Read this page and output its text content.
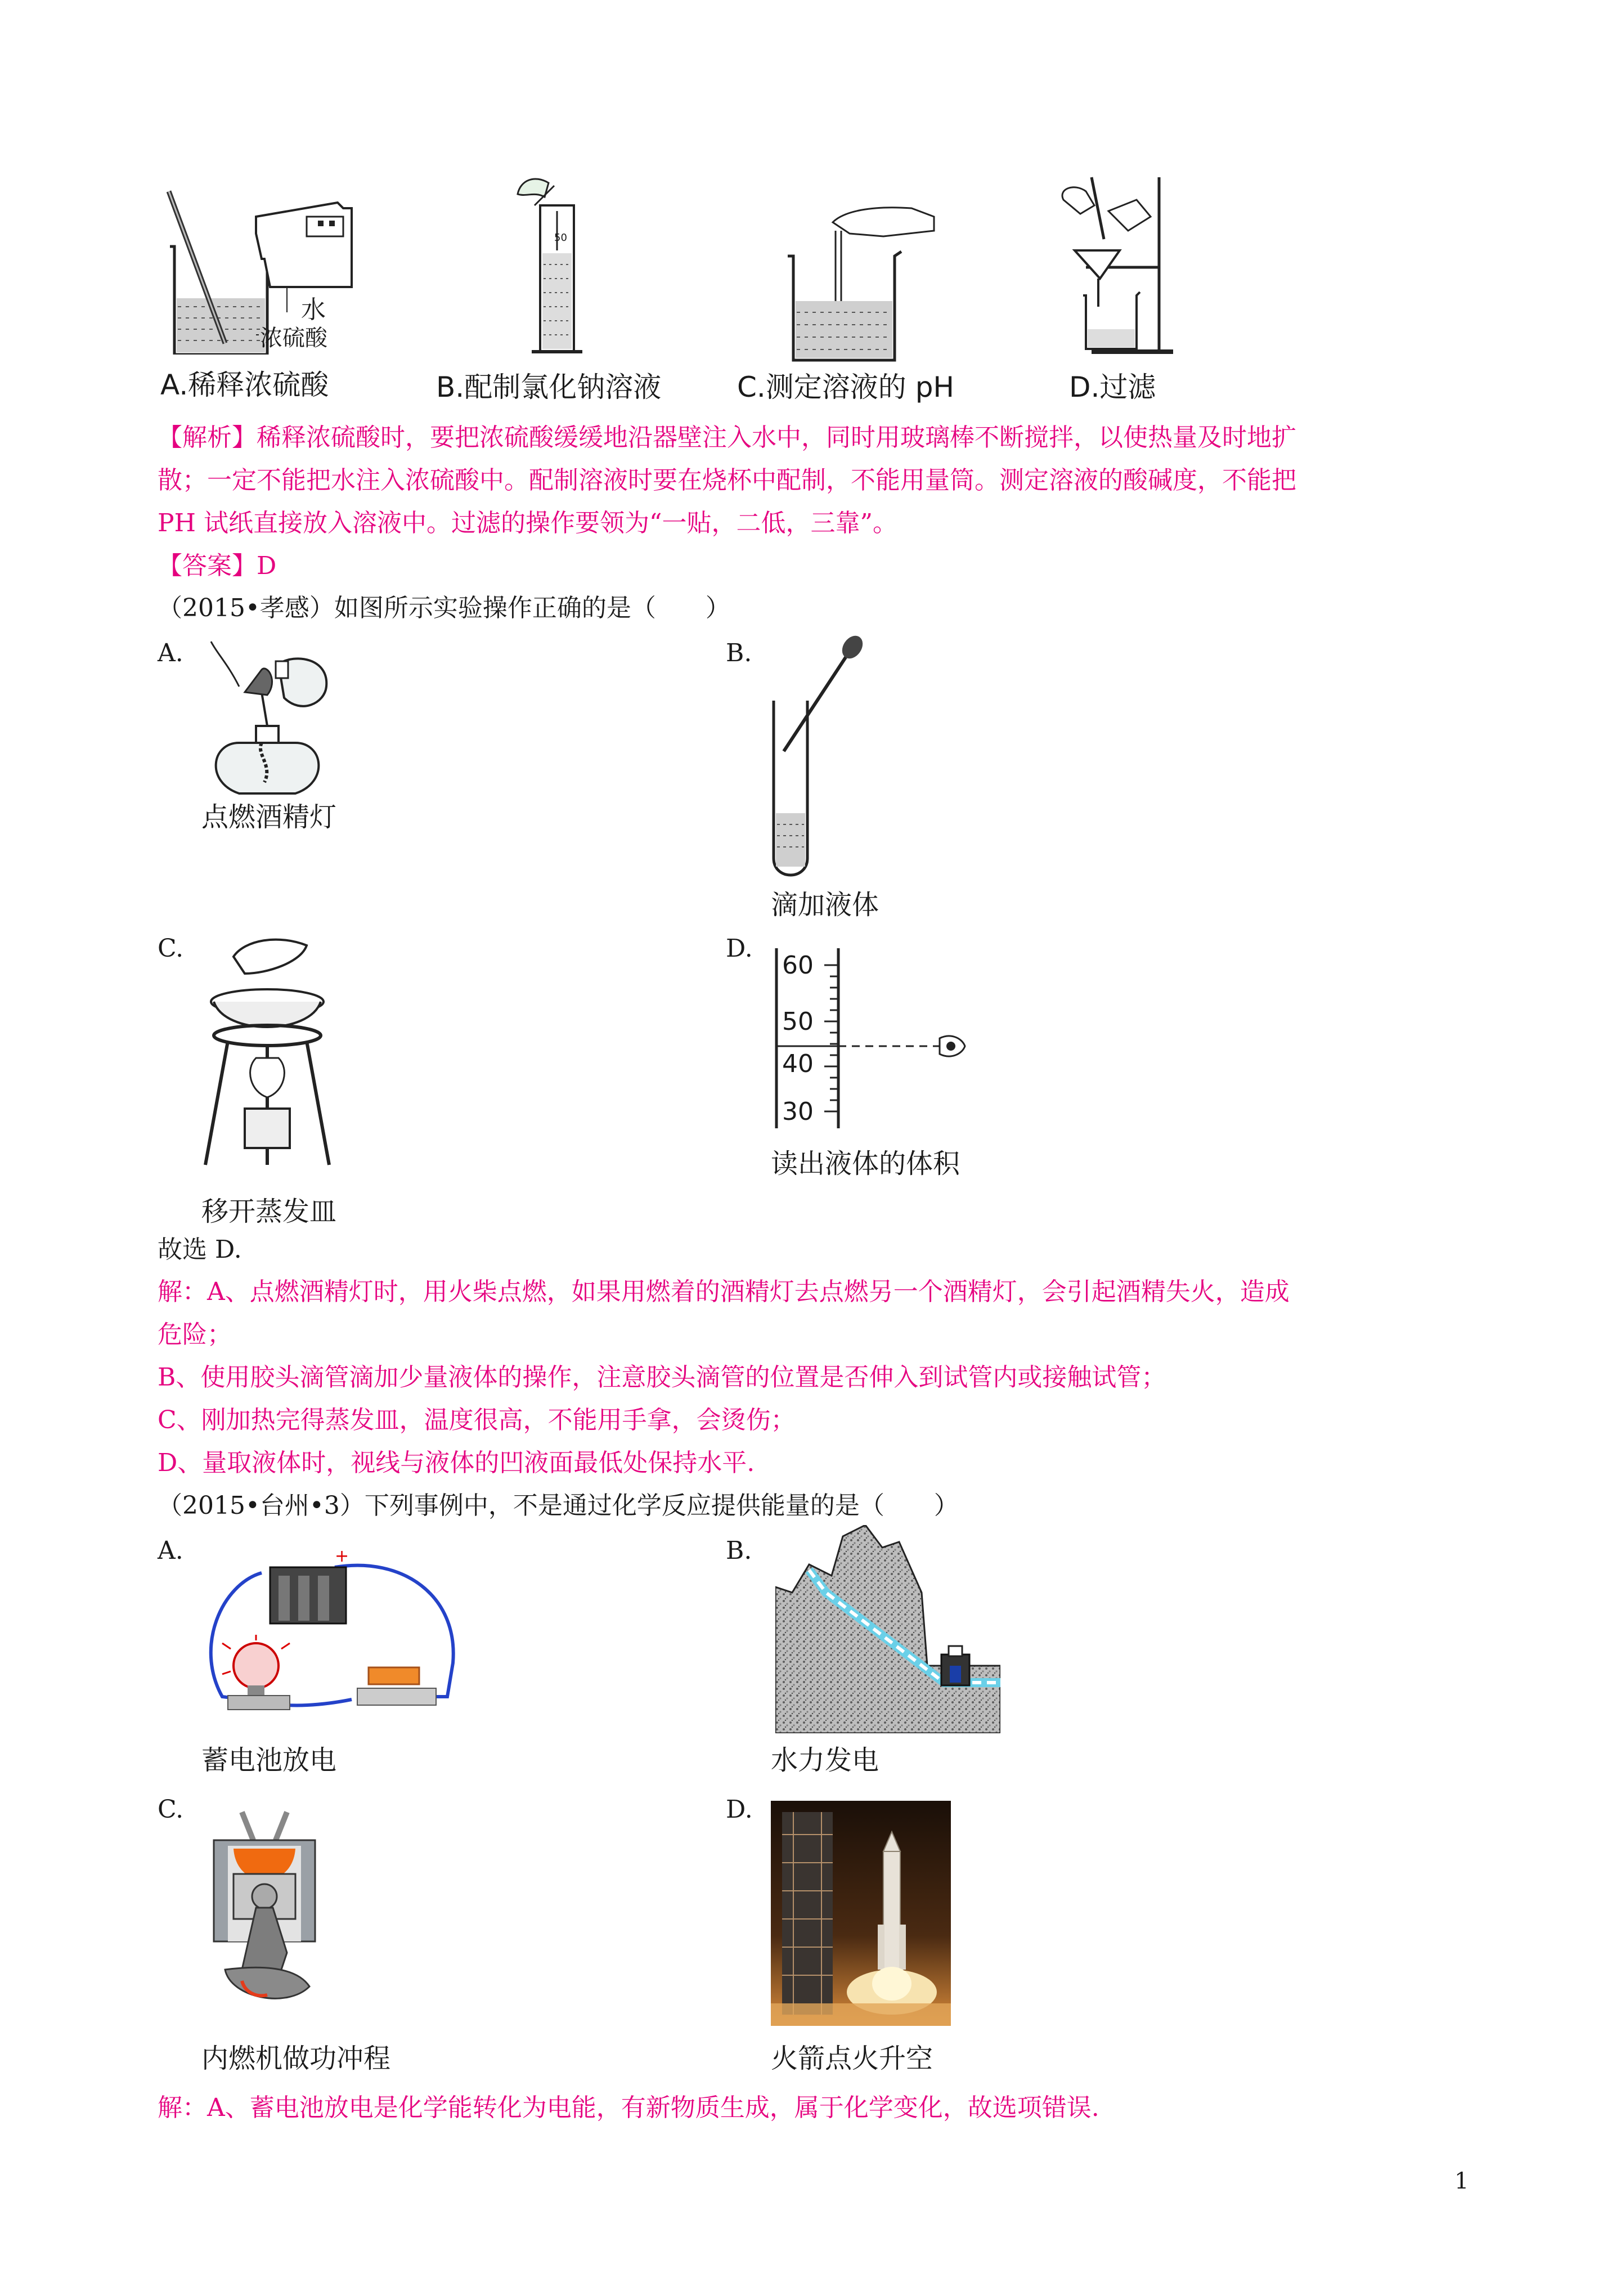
水
浓硫酸
A.稀释浓硫酸
50
B.配制氯化钠溶液	C.测定溶液的 pH	D.过滤
【解析】稀释浓硫酸时，要把浓硫酸缓缓地沿器壁注入水中，同时用玻璃棒不断搅拌，以使热量及时地扩
散；一定不能把水注入浓硫酸中。配制溶液时要在烧杯中配制，不能用量筒。测定溶液的酸碱度，不能把
PH 试纸直接放入溶液中。过滤的操作要领为“一贴，二低，三靠”。
【答案】D
（2015•孝感）如图所示实验操作正确的是（　　）
A.
点燃酒精灯
B.
滴加液体
C.
移开蒸发皿
D.
60
50
40
30
读出液体的体积
故选 D.
解：A、点燃酒精灯时，用火柴点燃，如果用燃着的酒精灯去点燃另一个酒精灯，会引起酒精失火，造成
危险；
B、使用胶头滴管滴加少量液体的操作，注意胶头滴管的位置是否伸入到试管内或接触试管；
C、刚加热完得蒸发皿，温度很高，不能用手拿，会烫伤；
D、量取液体时，视线与液体的凹液面最低处保持水平.
（2015•台州•3）下列事例中，不是通过化学反应提供能量的是（　　）
A.	+
蓄电池放电
B.
水力发电
C.
内燃机做功冲程
D.
火箭点火升空
解：A、蓄电池放电是化学能转化为电能，有新物质生成，属于化学变化，故选项错误.
1
